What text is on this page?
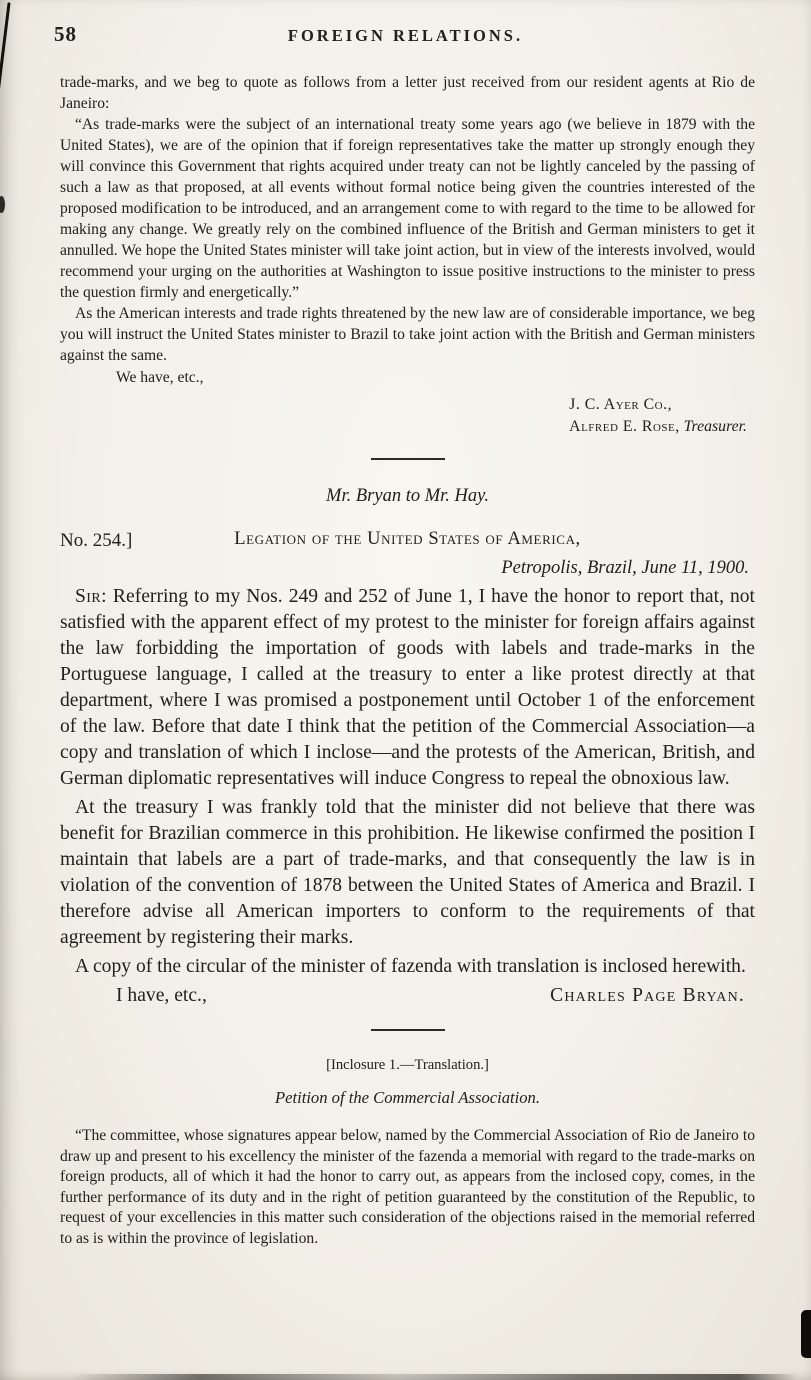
58	FOREIGN RELATIONS.

trade-marks, and we beg to quote as follows from a letter just received from our resident agents at Rio de Janeiro:

“As trade-marks were the subject of an international treaty some years ago (we believe in 1879 with the United States), we are of the opinion that if foreign representatives take the matter up strongly enough they will convince this Government that rights acquired under treaty can not be lightly canceled by the passing of such a law as that proposed, at all events without formal notice being given the countries interested of the proposed modification to be introduced, and an arrangement come to with regard to the time to be allowed for making any change. We greatly rely on the combined influence of the British and German ministers to get it annulled. We hope the United States minister will take joint action, but in view of the interests involved, would recommend your urging on the authorities at Washington to issue positive instructions to the minister to press the question firmly and energetically.”

As the American interests and trade rights threatened by the new law are of considerable importance, we beg you will instruct the United States minister to Brazil to take joint action with the British and German ministers against the same.

We have, etc.,

J. C. Ayer Co.,
Alfred E. Rose, Treasurer.
Mr. Bryan to Mr. Hay.
No. 254.]	Legation of the United States of America,
Petropolis, Brazil, June 11, 1900.

Sir: Referring to my Nos. 249 and 252 of June 1, I have the honor to report that, not satisfied with the apparent effect of my protest to the minister for foreign affairs against the law forbidding the importation of goods with labels and trade-marks in the Portuguese language, I called at the treasury to enter a like protest directly at that department, where I was promised a postponement until October 1 of the enforcement of the law. Before that date I think that the petition of the Commercial Association—a copy and translation of which I inclose—and the protests of the American, British, and German diplomatic representatives will induce Congress to repeal the obnoxious law.

At the treasury I was frankly told that the minister did not believe that there was benefit for Brazilian commerce in this prohibition. He likewise confirmed the position I maintain that labels are a part of trade-marks, and that consequently the law is in violation of the convention of 1878 between the United States of America and Brazil. I therefore advise all American importers to conform to the requirements of that agreement by registering their marks.

A copy of the circular of the minister of fazenda with translation is inclosed herewith.

I have, etc.,	Charles Page Bryan.
[Inclosure 1.—Translation.]
Petition of the Commercial Association.

“The committee, whose signatures appear below, named by the Commercial Association of Rio de Janeiro to draw up and present to his excellency the minister of the fazenda a memorial with regard to the trade-marks on foreign products, all of which it had the honor to carry out, as appears from the inclosed copy, comes, in the further performance of its duty and in the right of petition guaranteed by the constitution of the Republic, to request of your excellencies in this matter such consideration of the objections raised in the memorial referred to as is within the province of legislation.
